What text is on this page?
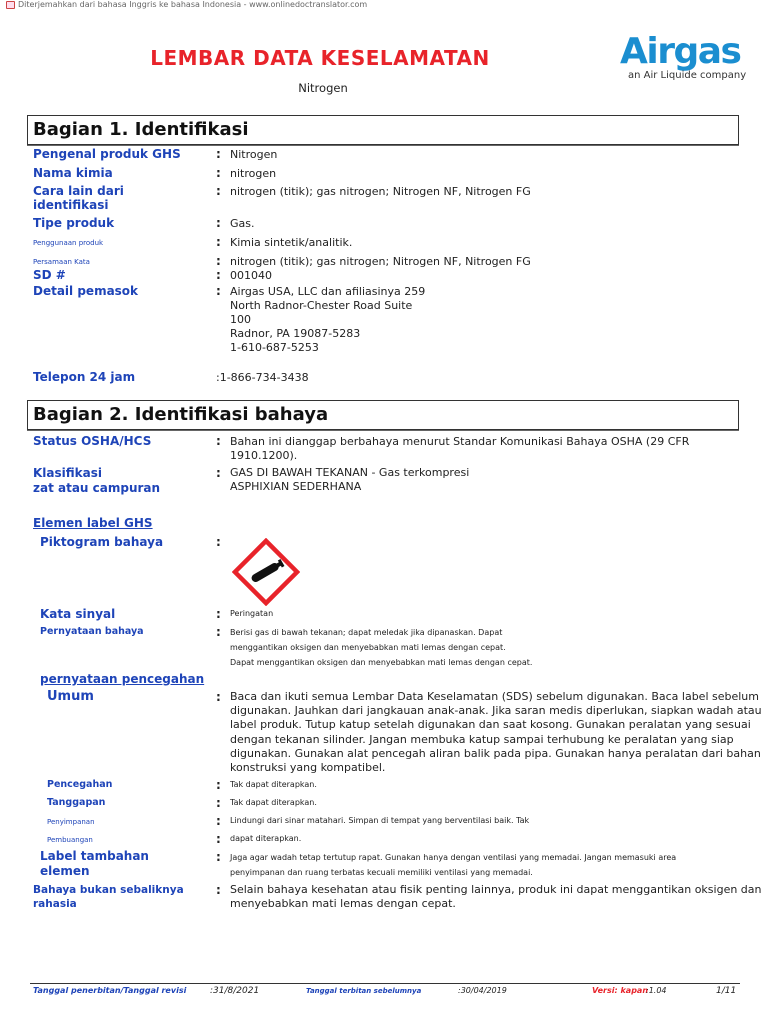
Diterjemahkan dari bahasa Inggris ke bahasa Indonesia - www.onlinedoctranslator.com
LEMBAR DATA KESELAMATAN
Nitrogen
Airgas
an Air Liquide company
Bagian 1. Identifikasi
Pengenal produk GHS	: Nitrogen
Nama kimia	: nitrogen
Cara lain dari
identifikasi
: nitrogen (titik); gas nitrogen; Nitrogen NF, Nitrogen FG
Tipe produk	: Gas.
Penggunaan produk	: Kimia sintetik/analitik.
Persamaan Kata	: nitrogen (titik); gas nitrogen; Nitrogen NF, Nitrogen FG
SD #	: 001040
Detail pemasok	: Airgas USA, LLC dan afiliasinya 259
North Radnor-Chester Road Suite
100
Radnor, PA 19087-5283
1-610-687-5253
Telepon 24 jam	:1-866-734-3438
Bagian 2. Identifikasi bahaya
Status OSHA/HCS	: Bahan ini dianggap berbahaya menurut Standar Komunikasi Bahaya OSHA (29 CFR
1910.1200).
Klasifikasi
zat atau campuran
: GAS DI BAWAH TEKANAN - Gas terkompresi
ASPHIXIAN SEDERHANA
Elemen label GHS
Piktogram bahaya	:
Kata sinyal	: Peringatan
Pernyataan bahaya	: Berisi gas di bawah tekanan; dapat meledak jika dipanaskan. Dapat
menggantikan oksigen dan menyebabkan mati lemas dengan cepat.
Dapat menggantikan oksigen dan menyebabkan mati lemas dengan cepat.
pernyataan pencegahan
Umum	: Baca dan ikuti semua Lembar Data Keselamatan (SDS) sebelum digunakan. Baca label sebelum
digunakan. Jauhkan dari jangkauan anak-anak. Jika saran medis diperlukan, siapkan wadah atau
label produk. Tutup katup setelah digunakan dan saat kosong. Gunakan peralatan yang sesuai
dengan tekanan silinder. Jangan membuka katup sampai terhubung ke peralatan yang siap
digunakan. Gunakan alat pencegah aliran balik pada pipa. Gunakan hanya peralatan dari bahan
konstruksi yang kompatibel.
Pencegahan	: Tak dapat diterapkan.
Tanggapan	: Tak dapat diterapkan.
Penyimpanan	: Lindungi dari sinar matahari. Simpan di tempat yang berventilasi baik. Tak
Pembuangan	: dapat diterapkan.
Label tambahan
elemen
: Jaga agar wadah tetap tertutup rapat. Gunakan hanya dengan ventilasi yang memadai. Jangan memasuki area
penyimpanan dan ruang terbatas kecuali memiliki ventilasi yang memadai.
Bahaya bukan sebaliknya
rahasia
: Selain bahaya kesehatan atau fisik penting lainnya, produk ini dapat menggantikan oksigen dan
menyebabkan mati lemas dengan cepat.
Tanggal penerbitan/Tanggal revisi	:31/8/2021	Tanggal terbitan sebelumnya	:30/04/2019	Versi: kapan
:1.04	1/11
